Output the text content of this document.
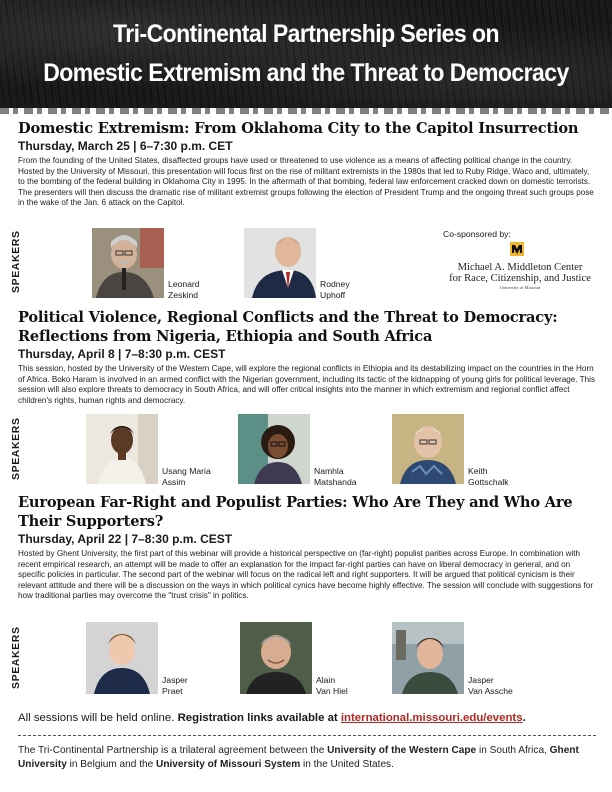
Tri-Continental Partnership Series on
Domestic Extremism and the Threat to Democracy
Domestic Extremism: From Oklahoma City to the Capitol Insurrection
Thursday, March 25 | 6–7:30 p.m. CET
From the founding of the United States, disaffected groups have used or threatened to use violence as a means of affecting political change in the country. Hosted by the University of Missouri, this presentation will focus first on the rise of militant extremists in the 1980s that led to Ruby Ridge, Waco and, ultimately, to the bombing of the federal building in Oklahoma City in 1995. In the aftermath of that bombing, federal law enforcement cracked down on domestic terrorists. The presenters will then discuss the dramatic rise of militant extremist groups following the election of President Trump and the ongoing threat such groups pose in the wake of the Jan. 6 attack on the Capitol.
SPEAKERS	Leonard
Zeskind
Rodney
Uphoff
Co-sponsored by:
Michael A. Middleton Center
for Race, Citizenship, and Justice
University of Missouri
Political Violence, Regional Conflicts and the Threat to Democracy:
Reflections from Nigeria, Ethiopia and South Africa
Thursday, April 8 | 7–8:30 p.m. CEST
This session, hosted by the University of the Western Cape, will explore the regional conflicts in Ethiopia and its destabilizing impact on the countries in the Horn of Africa. Boko Haram is involved in an armed conflict with the Nigerian government, including its tactic of the kidnapping of young girls for political leverage. This session will also explore threats to democracy in South Africa, and will offer critical insights into the manner in which extremism and regional conflict affect children's rights, human rights and democracy.
SPEAKERS	Usang Maria
Assim
Namhla
Matshanda
Keith
Gottschalk
European Far-Right and Populist Parties: Who Are They and Who Are
Their Supporters?
Thursday, April 22 | 7–8:30 p.m. CEST
Hosted by Ghent University, the first part of this webinar will provide a historical perspective on (far-right) populist parities across Europe. In combination with recent empirical research, an attempt will be made to offer an explanation for the impact far-right parties can have on liberal democracy in general, and on specific policies in particular. The second part of the webinar will focus on the radical left and right supporters. It will be argued that political cynicism is their relevant attitude and there will be a discussion on the ways in which political cynics have become highly effective. The session will conclude with suggestions for how traditional parties may overcome the "trust crisis" in politics.
SPEAKERS	Jasper
Praet
Alain
Van Hiel
Jasper
Van Assche
All sessions will be held online. Registration links available at international.missouri.edu/events.
The Tri-Continental Partnership is a trilateral agreement between the University of the Western Cape in South Africa, Ghent University in Belgium and the University of Missouri System in the United States.
